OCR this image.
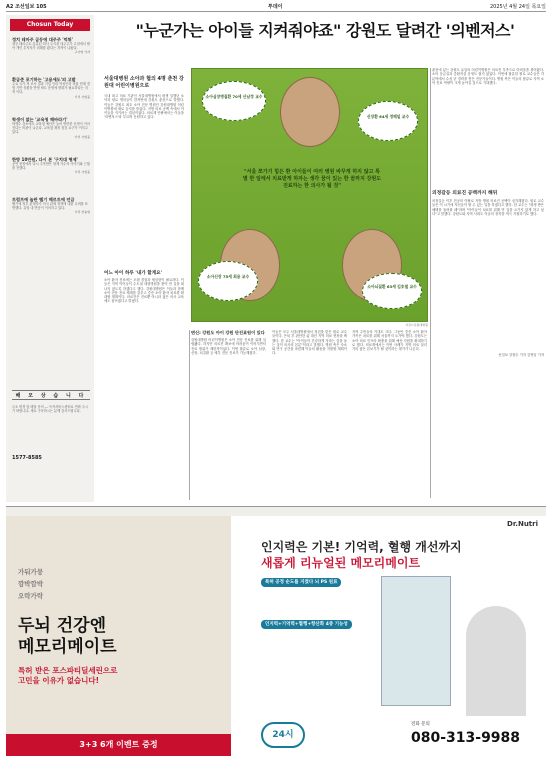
A2 조선일보 105	투데이	2025년 4월 24일 목요일
Chosun Today
정치 테마주 급등에 대주주 '먹튀'
정부 테마주로 분류된 회사 주식을 대주주가 고점에서 팔아 개인 투자자가 피해를 봤다는 지적이 나왔다.
구아영 기자
환급준 포기하는 '고용세도'의 고발
주요 국가 적 조사 결과 기업 인력 여성인력 비율 현재 경영 기반 상황을 반영 세도 운영에 변화가 필요하다는 지적 이다.
기서 사업중
학생이 없는 '교육청 해바라기'
학생수 감소에도 교육청 예산은 늘어 방만한 운영이 이어진다는 비판이 나온다. 교육청 재정 점검 요구가 커지고 있다.
가서 사업중
한방 10만원, 다시 본 '구치대 형제'
공연 현장에서 다시 주목받은 형제 가수의 이야기와 근황을 전했다.
가서 사업중
트럼프에 놀란 벨기 헤르트에 언급
벨기에 정부 관계자가 미국 관세 정책에 대한 우려를 표명했다. 유럽 내 반응이 이어지고 있다.
가서 한솔영
배 모 상 습 니 다
주소 변경 및 배달 문의 — 독자서비스센터로 연락 주시기 바랍니다. 새로 구독하시는 분께 감사드립니다.
1577-8585
"누군가는 아이들 지켜줘야죠" 강원도 달려간 '의벤저스'
서울대병원 소아과 협의 4명 춘천 강원대 어린이병원으로
국내 최고 의료 기관인 서울대병원에서 평생 일했던 소아과 원로 명의들이 한꺼번에 강원도 춘천으로 향했다. 이들은 강원도 최초 소아 전문 병원인 강원대병원 어린이병원에 새로 둥지를 틀었다. 지방 의료 공백 속에서 아이들을 지키려는 결심이었다. 의료계 안팎에서는 이들을 '의벤저스'라 부르며 응원하고 있다.
어느 아이 하루 '내가 할게요'
소아 환자 진료에는 오랜 경험과 세심함이 필요하다. 이들은 지역 아이들이 수도권 대형병원을 찾아 먼 길을 떠나지 않도록 하겠다고 했다. 강원대병원은 이들과 함께 소아 전문 진료 체계를 갖추고 중증 소아 환자 치료를 확대할 계획이다. 의료진은 진료뿐 아니라 젊은 의사 교육에도 힘쓰겠다고 밝혔다.
소아심장병질환 70세 산남정 교수
신장환 64세 정해일 교수
소아신장 75세 최용 교수
소아뇌질환 63세 김호철 교수
"서울 쪼가기 힘든 환 아이들이 여러 병원 바꾸게 하지 않고 특별 한 일에서 치료받게 하자는 생각 꿈이 있는 한 끝까지 강원도 진료하는 한 의사가 될 것"
사진=강원대병원
춘천에 있는 강원도 유일의 어린이병원은 의료진 부족으로 어려움을 겪어왔다. 소아 응급실과 중환자실 운영도 쉽지 않았다. 이번에 합류한 원로 교수들은 각 분야에서 수십 년 경력을 쌓은 전문가들이다. 병원 측은 이들의 합류로 지역 소아 진료 역량이 크게 높아질 것으로 기대했다.
의정갈등 의료진 공백까지 해뒤
의정갈등 이후 전공의 이탈로 지방 병원 의료진 공백이 심각해졌다. 원로 교수들은 이 시기에 자신들이 할 수 있는 일을 하겠다고 했다. 한 교수는 "평생 받은 혜택을 돌려줄 때"라며 "아이들이 치료를 위해 먼 길을 오가지 않게 하고 싶다"고 말했다. 강원도와 지역 사회도 이들의 정착을 적극 지원하기로 했다.
선일보 강장수 기자 김영임 기자
변신: 강원도 아이 강원 단진료원이 있다
강원대병원 어린이병원은 소아 전문 진료를 위해 설립됐다. 하지만 의료진 확보에 어려움이 이어지면서 진료 범위가 제한적이었다. 이번 합류로 소아 심장, 신장, 뇌질환 등 세부 전문 진료가 가능해졌다.
이들은 모두 서울대병원에서 정년을 맞은 원로 교수들이다. 은퇴 후 편안한 삶 대신 지역 의료 현장을 택했다. 한 교수는 "아이들이 건강하게 자라는 것을 돕는 것이 의사의 본분"이라고 말했다. 병원 측은 숙소와 연구 공간을 마련해 이들의 활동을 지원할 계획이다.
지역 주민들의 기대도 크다. 그동안 중증 소아 환자 가족은 치료를 위해 서울까지 오가야 했다. 강원도는 소아 의료 인프라 확충을 위해 예산 지원을 확대하기로 했다. 의료계에서는 이번 사례가 지방 의료 살리기의 좋은 본보기가 될 것이라는 평가가 나온다.
가둬가뭉
깜박깜박
오락가락
두뇌 건강엔
메모리메이트
특허 받은 포스파티딜세린으로
고민을 이유가 없습니다!
3+3 6개 이벤트 증정
Dr.Nutri
인지력은 기본! 기억력, 혈행 개선까지
새롭게 리뉴얼된 메모리메이트
특허 공정 순도를 지켰다 뇌 PS 원료
인지력+기억력+혈행+항산화 4중 기능성
24시
전화 문의
080-313-9988
